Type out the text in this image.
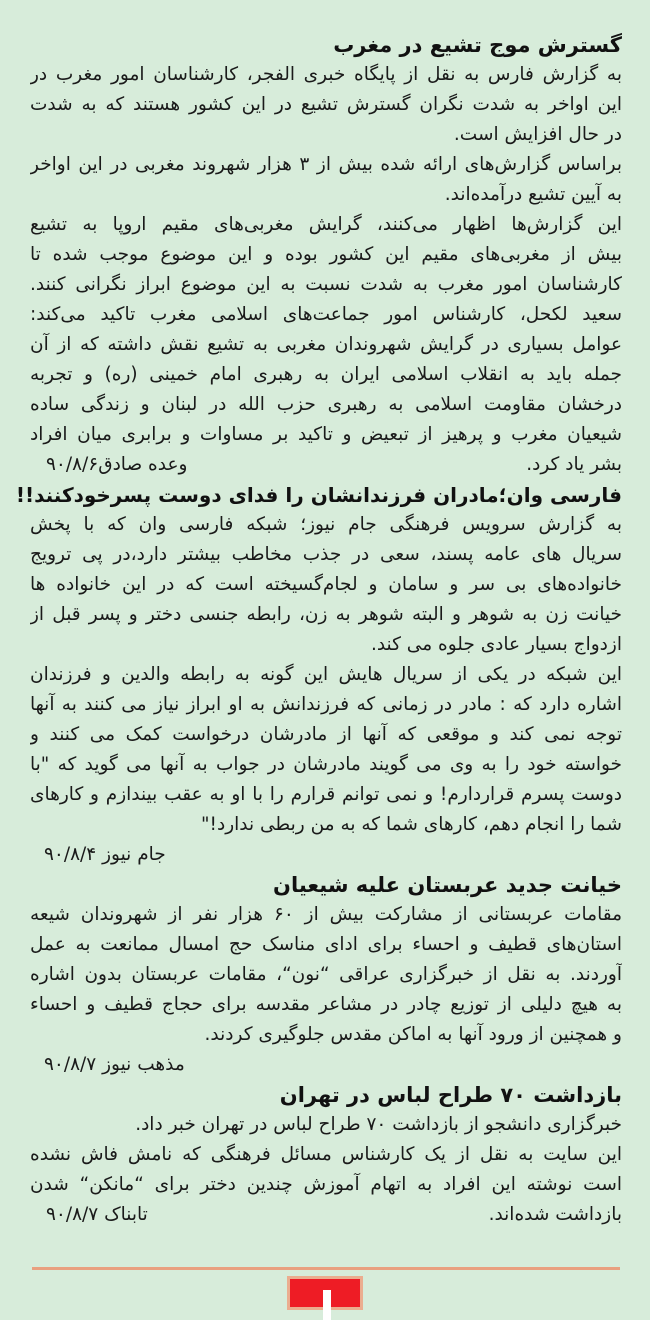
گسترش موج تشیع در مغرب
به گزارش فارس به نقل از پایگاه خبری الفجر، کارشناسان امور مغرب در
این اواخر به شدت نگران گسترش تشیع در این کشور هستند که به شدت
در حال افزایش است.
براساس گزارش‌های ارائه شده بیش از ۳ هزار شهروند مغربی در این اواخر
به آیین تشیع درآمده‌اند.
این گزارش‌ها اظهار می‌کنند، گرایش مغربی‌های مقیم اروپا به تشیع
بیش از مغربی‌های مقیم این کشور بوده و این موضوع موجب شده تا
کارشناسان امور مغرب به شدت نسبت به این موضوع ابراز نگرانی کنند.
سعید لکحل، کارشناس امور جماعت‌های اسلامی مغرب تاکید می‌کند:
عوامل بسیاری در گرایش شهروندان مغربی به تشیع نقش داشته که از آن
جمله باید به انقلاب اسلامی ایران به رهبری امام خمینی (ره) و تجربه
درخشان مقاومت اسلامی به رهبری حزب الله در لبنان و زندگی ساده
شیعیان مغرب و پرهیز از تبعیض و تاکید بر مساوات و برابری میان افراد
بشر یاد کرد.
وعده صادق۹۰/۸/۶
فارسی وان؛مادران فرزندانشان را فدای دوست پسرخودکنند!!
به گزارش سرویس فرهنگی جام نیوز؛ شبکه فارسی وان که با پخش
سریال های عامه پسند، سعی در جذب مخاطب بیشتر دارد،در پی ترویج
خانواده‌های بی سر و سامان و لجام‌گسیخته است که در این خانواده ها
خیانت زن به شوهر و البته شوهر به زن، رابطه جنسی دختر و پسر قبل از
ازدواج بسیار عادی جلوه می کند.
این شبکه در یکی از سریال هایش این گونه به رابطه والدین و فرزندان
اشاره دارد که : مادر در زمانی که فرزندانش به او ابراز نیاز می کنند به آنها
توجه نمی کند و موقعی که آنها از مادرشان درخواست کمک می کنند و
خواسته خود را به وی می گویند مادرشان در جواب به آنها می گوید که "با
دوست پسرم قراردارم! و نمی توانم قرارم را با او به عقب بیندازم و کارهای
شما را انجام دهم، کارهای شما که به من ربطی ندارد!"
جام نیوز ۹۰/۸/۴
خیانت جدید عربستان علیه شیعیان
مقامات عربستانی از مشارکت بیش از ۶۰ هزار نفر از شهروندان شیعه
استان‌های قطیف و احساء برای ادای مناسک حج امسال ممانعت به عمل
آوردند. به نقل از خبرگزاری عراقی “نون“، مقامات عربستان بدون اشاره
به هیچ دلیلی از توزیع چادر در مشاعر مقدسه برای حجاج قطیف و احساء
و همچنین از ورود آنها به اماکن مقدس جلوگیری کردند.
مذهب نیوز ۹۰/۸/۷
بازداشت ۷۰ طراح لباس در تهران
خبرگزاری دانشجو از بازداشت ۷۰ طراح لباس در تهران خبر داد.
این سایت به نقل از یک کارشناس مسائل فرهنگی که نامش فاش نشده
است نوشته این افراد به اتهام آموزش چندین دختر برای “مانکن“ شدن
بازداشت شده‌اند.
تابناک ۹۰/۸/۷
